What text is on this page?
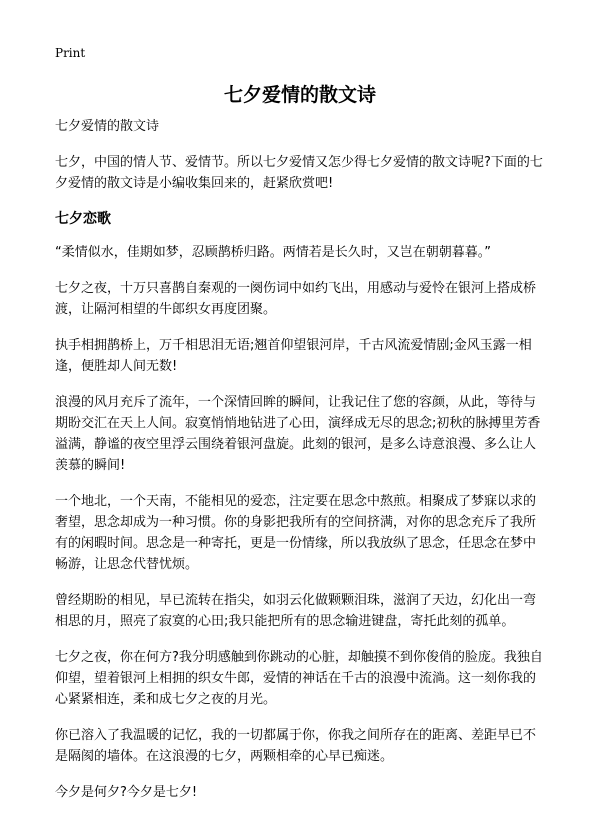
Print
七夕爱情的散文诗

七夕爱情的散文诗

七夕，中国的情人节、爱情节。所以七夕爱情又怎少得七夕爱情的散文诗呢?下面的七夕爱情的散文诗是小编收集回来的，赶紧欣赏吧!

七夕恋歌

“柔情似水，佳期如梦，忍顾鹊桥归路。两情若是长久时，又岂在朝朝暮暮。”

七夕之夜，十万只喜鹊自秦观的一阕伤词中如约飞出，用感动与爱怜在银河上搭成桥渡，让隔河相望的牛郎织女再度团聚。

执手相拥鹊桥上，万千相思泪无语;翘首仰望银河岸，千古风流爱情剧;金风玉露一相逢，便胜却人间无数!

浪漫的风月充斥了流年，一个深情回眸的瞬间，让我记住了您的容颜，从此，等待与期盼交汇在天上人间。寂寞悄悄地钻进了心田，演绎成无尽的思念;初秋的脉搏里芳香溢满，静谧的夜空里浮云围绕着银河盘旋。此刻的银河，是多么诗意浪漫、多么让人羡慕的瞬间!

一个地北，一个天南，不能相见的爱恋，注定要在思念中熬煎。相聚成了梦寐以求的奢望，思念却成为一种习惯。你的身影把我所有的空间挤满，对你的思念充斥了我所有的闲暇时间。思念是一种寄托，更是一份情缘，所以我放纵了思念，任思念在梦中畅游，让思念代替忧烦。

曾经期盼的相见，早已流转在指尖，如羽云化做颗颗泪珠，滋润了天边，幻化出一弯相思的月，照亮了寂寞的心田;我只能把所有的思念输进键盘，寄托此刻的孤单。

七夕之夜，你在何方?我分明感触到你跳动的心脏，却触摸不到你俊俏的脸庞。我独自仰望，望着银河上相拥的织女牛郎，爱情的神话在千古的浪漫中流淌。这一刻你我的心紧紧相连，柔和成七夕之夜的月光。

你已溶入了我温暖的记忆，我的一切都属于你，你我之间所存在的距离、差距早已不是隔阂的墙体。在这浪漫的七夕，两颗相牵的心早已痴迷。

今夕是何夕?今夕是七夕!
